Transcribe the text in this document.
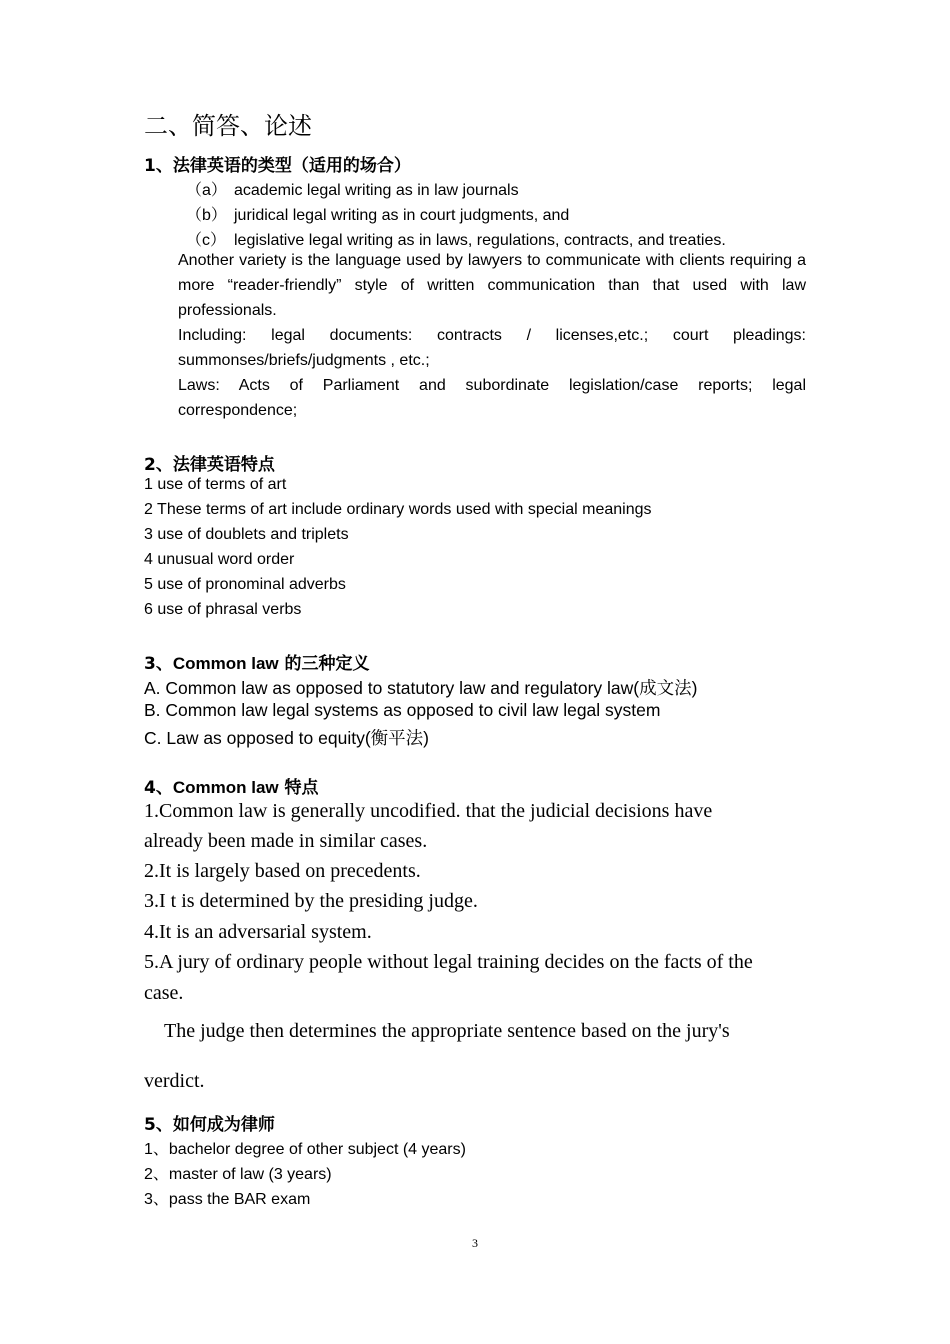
二、简答、论述
1、法律英语的类型（适用的场合）
（a） academic legal writing as in law journals
（b） juridical legal writing as in court judgments, and
（c） legislative legal writing as in laws, regulations, contracts, and treaties.
Another variety is the language used by lawyers to communicate with clients requiring a more “reader-friendly” style of written communication than that used with law professionals.
Including: legal documents: contracts / licenses,etc.; court pleadings: summonses/briefs/judgments , etc.;
Laws: Acts of Parliament and subordinate legislation/case reports; legal correspondence;
2、法律英语特点
1 use of terms of art
2 These terms of art include ordinary words used with special meanings
3 use of doublets and triplets
4 unusual word order
5 use of pronominal adverbs
6 use of phrasal verbs
3、Common law 的三种定义
A. Common law as opposed to statutory law and regulatory law(成文法)
B. Common law legal systems as opposed to civil law legal system
C. Law as opposed to equity(衡平法)
4、Common law 特点
1.Common law is generally uncodified. that the judicial decisions have
already been made in similar cases.
2.It is largely based on precedents.
3.I t is determined by the presiding judge.
4.It is an adversarial system.
5.A jury of ordinary people without legal training decides on the facts of the
case.
The judge then determines the appropriate sentence based on the jury's
verdict.
5、如何成为律师
1、bachelor degree of other subject (4 years)
2、master of law (3 years)
3、pass the BAR exam
3
